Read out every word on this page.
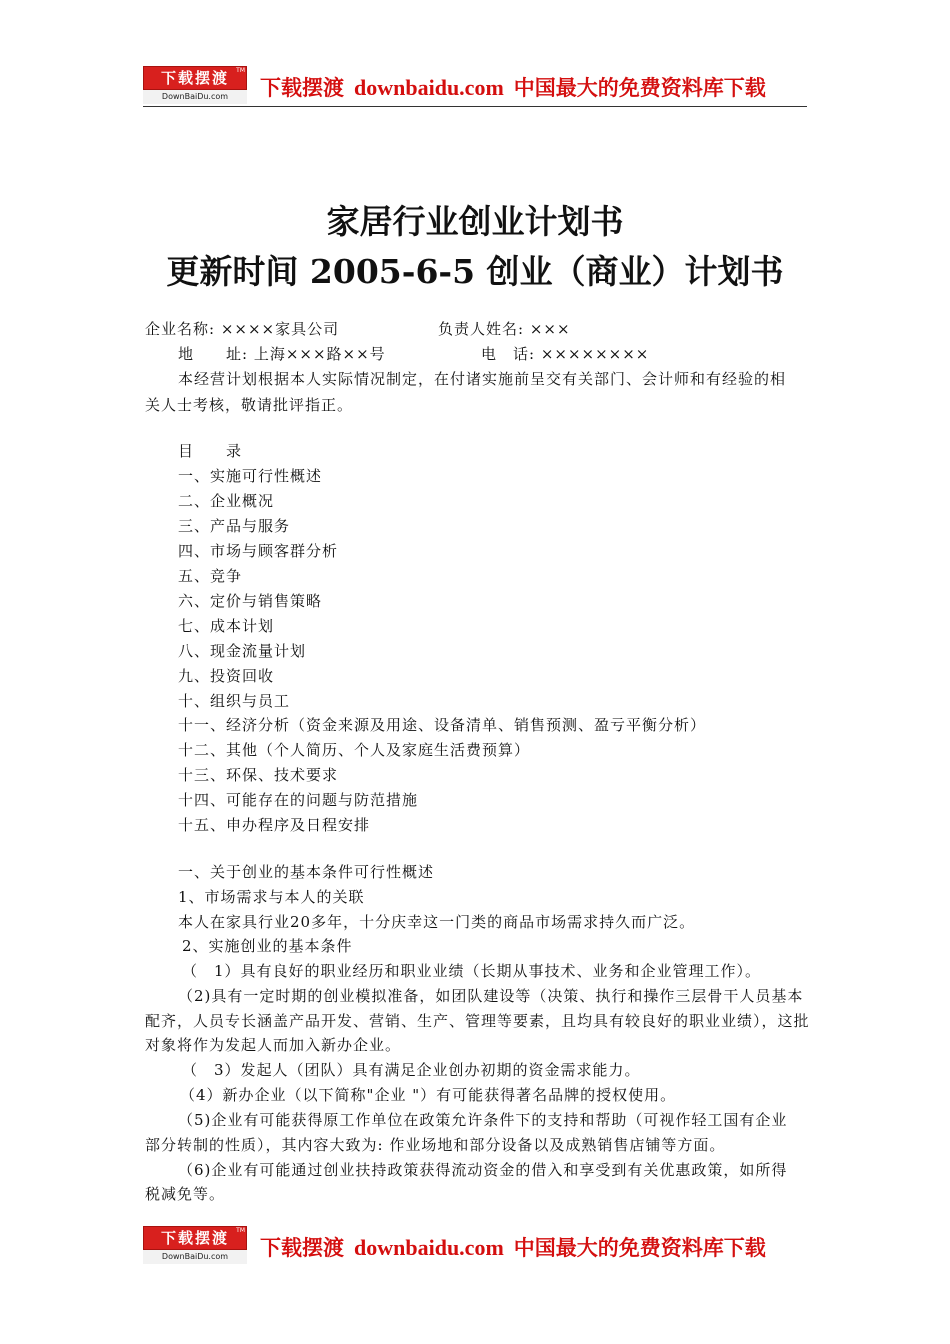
下载摆渡	TM
DownBaiDu.com	下载摆渡 downbaidu.com 中国最大的免费资料库下载
家居行业创业计划书
更新时间 2005-6-5 创业（商业）计划书
企业名称: ××××家具公司	负责人姓名: ×××
地　　址: 上海×××路××号	电　话: ××××××××
本经营计划根据本人实际情况制定，在付诸实施前呈交有关部门、会计师和有经验的相
关人士考核，敬请批评指正。
目　　录
一、实施可行性概述
二、企业概况
三、产品与服务
四、市场与顾客群分析
五、竞争
六、定价与销售策略
七、成本计划
八、现金流量计划
九、投资回收
十、组织与员工
十一、经济分析（资金来源及用途、设备清单、销售预测、盈亏平衡分析）
十二、其他（个人简历、个人及家庭生活费预算）
十三、环保、技术要求
十四、可能存在的问题与防范措施
十五、申办程序及日程安排
一、关于创业的基本条件可行性概述
1、市场需求与本人的关联
本人在家具行业20多年，十分庆幸这一门类的商品市场需求持久而广泛。
2、实施创业的基本条件
（　1）具有良好的职业经历和职业业绩（长期从事技术、业务和企业管理工作）。
（2)具有一定时期的创业模拟准备，如团队建设等（决策、执行和操作三层骨干人员基本
配齐，人员专长涵盖产品开发、营销、生产、管理等要素，且均具有较良好的职业业绩），这批
对象将作为发起人而加入新办企业。
（　3）发起人（团队）具有满足企业创办初期的资金需求能力。
（4）新办企业（以下简称"企业 "）有可能获得著名品牌的授权使用。
（5)企业有可能获得原工作单位在政策允许条件下的支持和帮助（可视作轻工国有企业
部分转制的性质），其内容大致为: 作业场地和部分设备以及成熟销售店铺等方面。
（6)企业有可能通过创业扶持政策获得流动资金的借入和享受到有关优惠政策，如所得
税减免等。
下载摆渡	TM
DownBaiDu.com	下载摆渡 downbaidu.com 中国最大的免费资料库下载
